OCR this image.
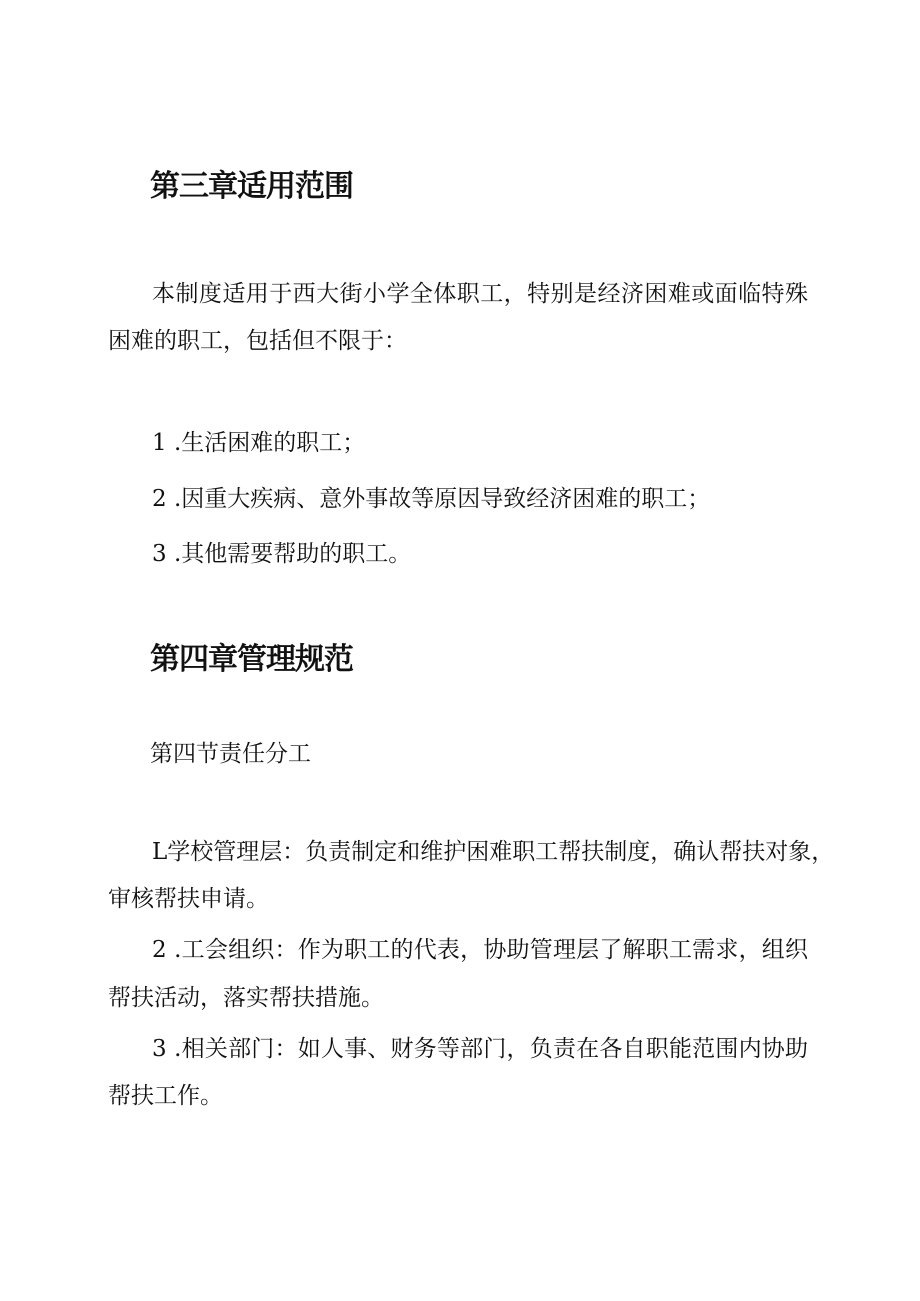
第三章适用范围
本制度适用于西大街小学全体职工，特别是经济困难或面临特殊
困难的职工，包括但不限于：
1 .生活困难的职工；
2 .因重大疾病、意外事故等原因导致经济困难的职工；
3 .其他需要帮助的职工。
第四章管理规范
第四节责任分工
L学校管理层：负责制定和维护困难职工帮扶制度，确认帮扶对象，
审核帮扶申请。
2 .工会组织：作为职工的代表，协助管理层了解职工需求，组织
帮扶活动，落实帮扶措施。
3 .相关部门：如人事、财务等部门，负责在各自职能范围内协助
帮扶工作。
